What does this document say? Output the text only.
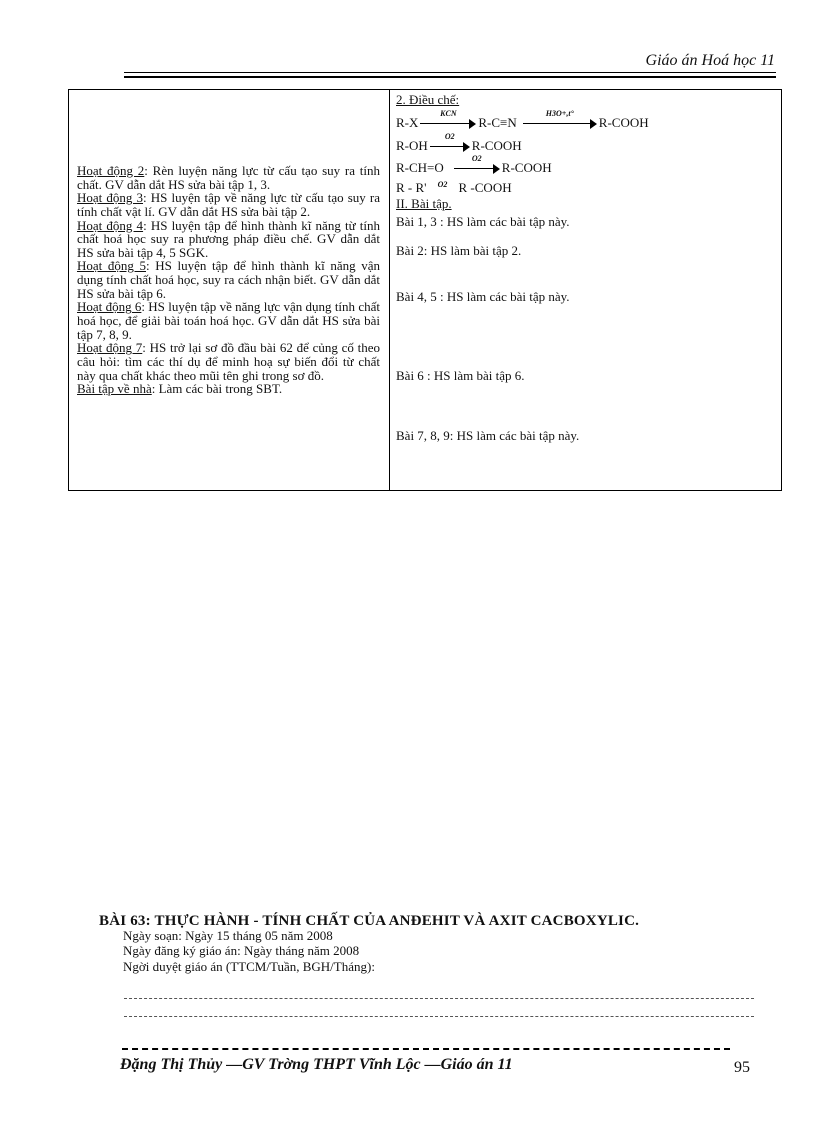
Giáo án Hoá học 11

Hoạt động 2: Rèn luyện năng lực từ cấu tạo suy ra tính chất. GV dẫn dắt HS sửa bài tập 1, 3.

Hoạt động 3: HS luyện tập về năng lực từ cấu tạo suy ra tính chất vật lí. GV dẫn dắt HS sửa bài tập 2.

Hoạt động 4: HS luyện tập để hình thành kĩ năng từ tính chất hoá học suy ra phương pháp điều chế. GV dẫn dắt HS sửa bài tập 4, 5 SGK.

Hoạt động 5: HS luyện tập để hình thành kĩ năng vận dụng tính chất hoá học, suy ra cách nhận biết. GV dẫn dắt HS sửa bài tập 6.

Hoạt động 6: HS luyện tập về năng lực vận dụng tính chất hoá học, để giải bài toán hoá học. GV dẫn dắt HS sửa bài tập 7, 8, 9.

Hoạt động 7: HS trở lại sơ đồ đầu bài 62 để củng cố theo câu hỏi: tìm các thí dụ để minh hoạ sự biến đổi từ chất này qua chất khác theo mũi tên ghi trong sơ đồ.

Bài tập về nhà: Làm các bài trong SBT.

2. Điều chế:
R-X
KCN
R-C≡N
H3O+,t°
R-COOH
R-OH
O2
R-COOH
R-CH=O
O2
R-COOH
R - R' O2 R -COOH
II. Bài tập.
Bài 1, 3 : HS làm các bài tập này.
Bài 2: HS làm bài tập 2.
Bài 4, 5 : HS làm các bài tập này.
Bài 6 : HS làm bài tập 6.
Bài 7, 8, 9: HS làm các bài tập này.
BÀI 63: THỰC HÀNH - TÍNH CHẤT CỦA ANĐEHIT VÀ AXIT CACBOXYLIC.
Ngày soạn: Ngày 15 tháng 05 năm 2008
Ngày đăng ký giáo án: Ngày tháng năm 2008
Ngời duyệt giáo án (TTCM/Tuần, BGH/Tháng):
Đặng Thị Thủy —GV Trờng THPT Vĩnh Lộc —Giáo án 11	95
